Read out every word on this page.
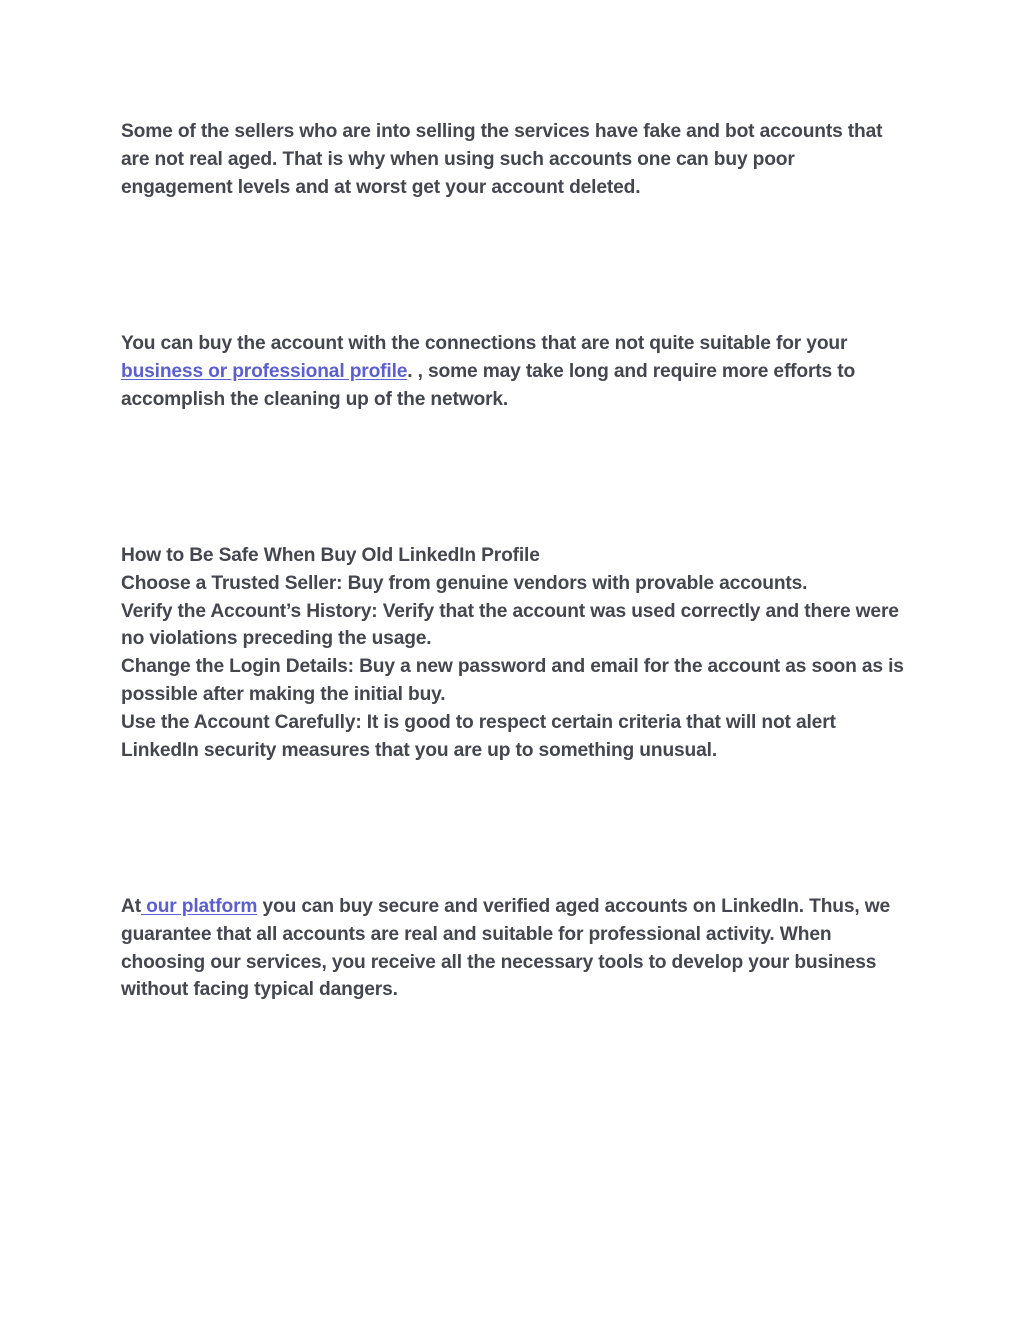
Some of the sellers who are into selling the services have fake and bot accounts that
are not real aged. That is why when using such accounts one can buy poor
engagement levels and at worst get your account deleted.

You can buy the account with the connections that are not quite suitable for your
business or professional profile. , some may take long and require more efforts to
accomplish the cleaning up of the network.

How to Be Safe When Buy Old LinkedIn Profile
Choose a Trusted Seller: Buy from genuine vendors with provable accounts.
Verify the Account’s History: Verify that the account was used correctly and there were
no violations preceding the usage.
Change the Login Details: Buy a new password and email for the account as soon as is
possible after making the initial buy.
Use the Account Carefully: It is good to respect certain criteria that will not alert
LinkedIn security measures that you are up to something unusual.

At our platform you can buy secure and verified aged accounts on LinkedIn. Thus, we
guarantee that all accounts are real and suitable for professional activity. When
choosing our services, you receive all the necessary tools to develop your business
without facing typical dangers.
